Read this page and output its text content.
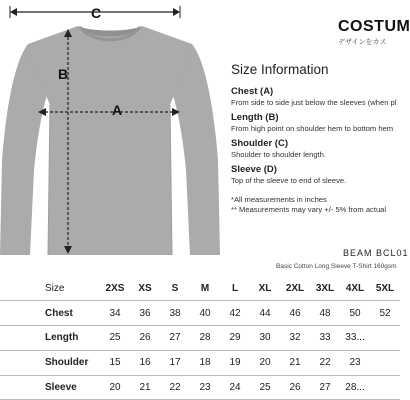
C
B
A
COSTUM
デザインをカス
Size Information
Chest (A)
From side to side just below the sleeves (when pl
Length (B)
From high point on shoulder hem to bottom hem
Shoulder (C)
Shoulder to shoulder length.
Sleeve (D)
Top of the sleeve to end of sleeve.
*All measurements in inches
** Measurements may vary +/- 5% from actual
BEAM BCL01
Basic Cotton Long Sleeve T-Shirt 160gsm
Size	2XS	XS	S	M	L	XL	2XL	3XL	4XL	5XL
Chest	34	36	38	40	42	44	46	48	50	52
Length	25	26	27	28	29	30	32	33	33...	
Shoulder	15	16	17	18	19	20	21	22	23	
Sleeve	20	21	22	23	24	25	26	27	28...	
